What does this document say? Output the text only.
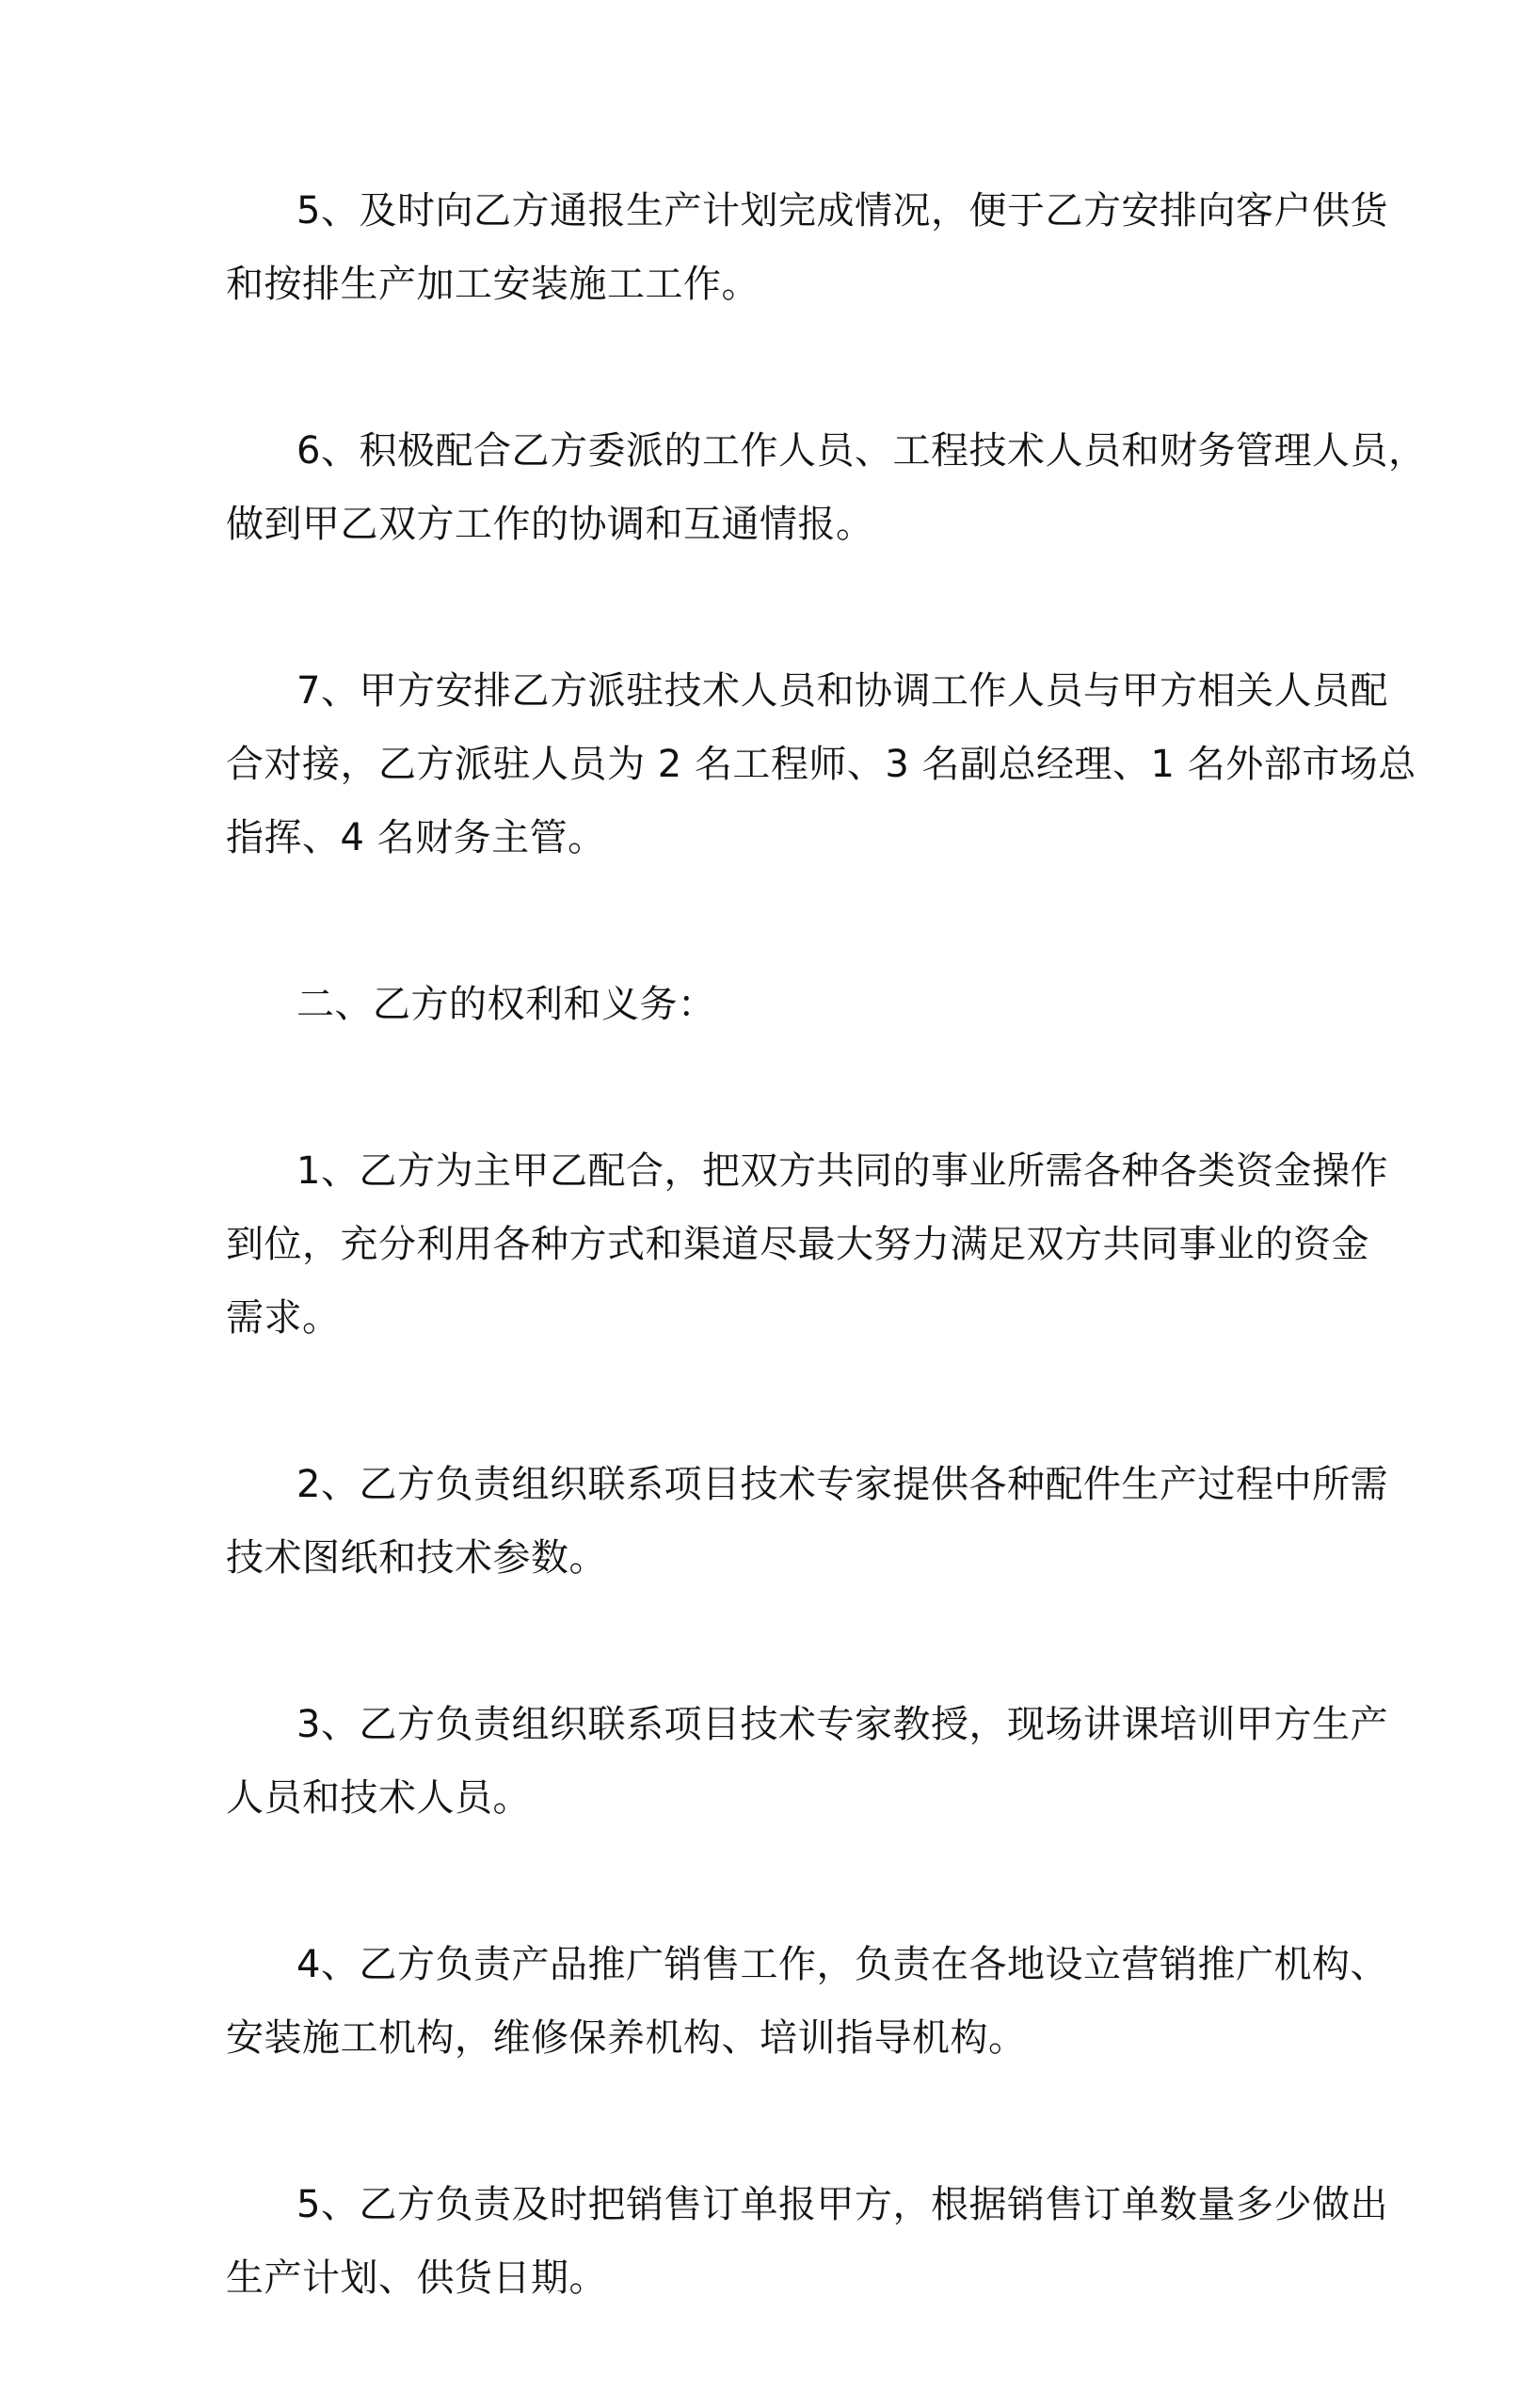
5、及时向乙方通报生产计划完成情况，便于乙方安排向客户供货
和按排生产加工安装施工工作。

6、积极配合乙方委派的工作人员、工程技术人员和财务管理人员，
做到甲乙双方工作的协调和互通情报。

7、甲方安排乙方派驻技术人员和协调工作人员与甲方相关人员配
合对接，乙方派驻人员为 2 名工程师、3 名副总经理、1 名外部市场总
指挥、4 名财务主管。

二、乙方的权利和义务：

1、乙方为主甲乙配合，把双方共同的事业所需各种各类资金操作
到位，充分利用各种方式和渠道尽最大努力满足双方共同事业的资金
需求。

2、乙方负责组织联系项目技术专家提供各种配件生产过程中所需
技术图纸和技术参数。

3、乙方负责组织联系项目技术专家教授，现场讲课培训甲方生产
人员和技术人员。

4、乙方负责产品推广销售工作，负责在各地设立营销推广机构、
安装施工机构，维修保养机构、培训指导机构。

5、乙方负责及时把销售订单报甲方，根据销售订单数量多少做出
生产计划、供货日期。
